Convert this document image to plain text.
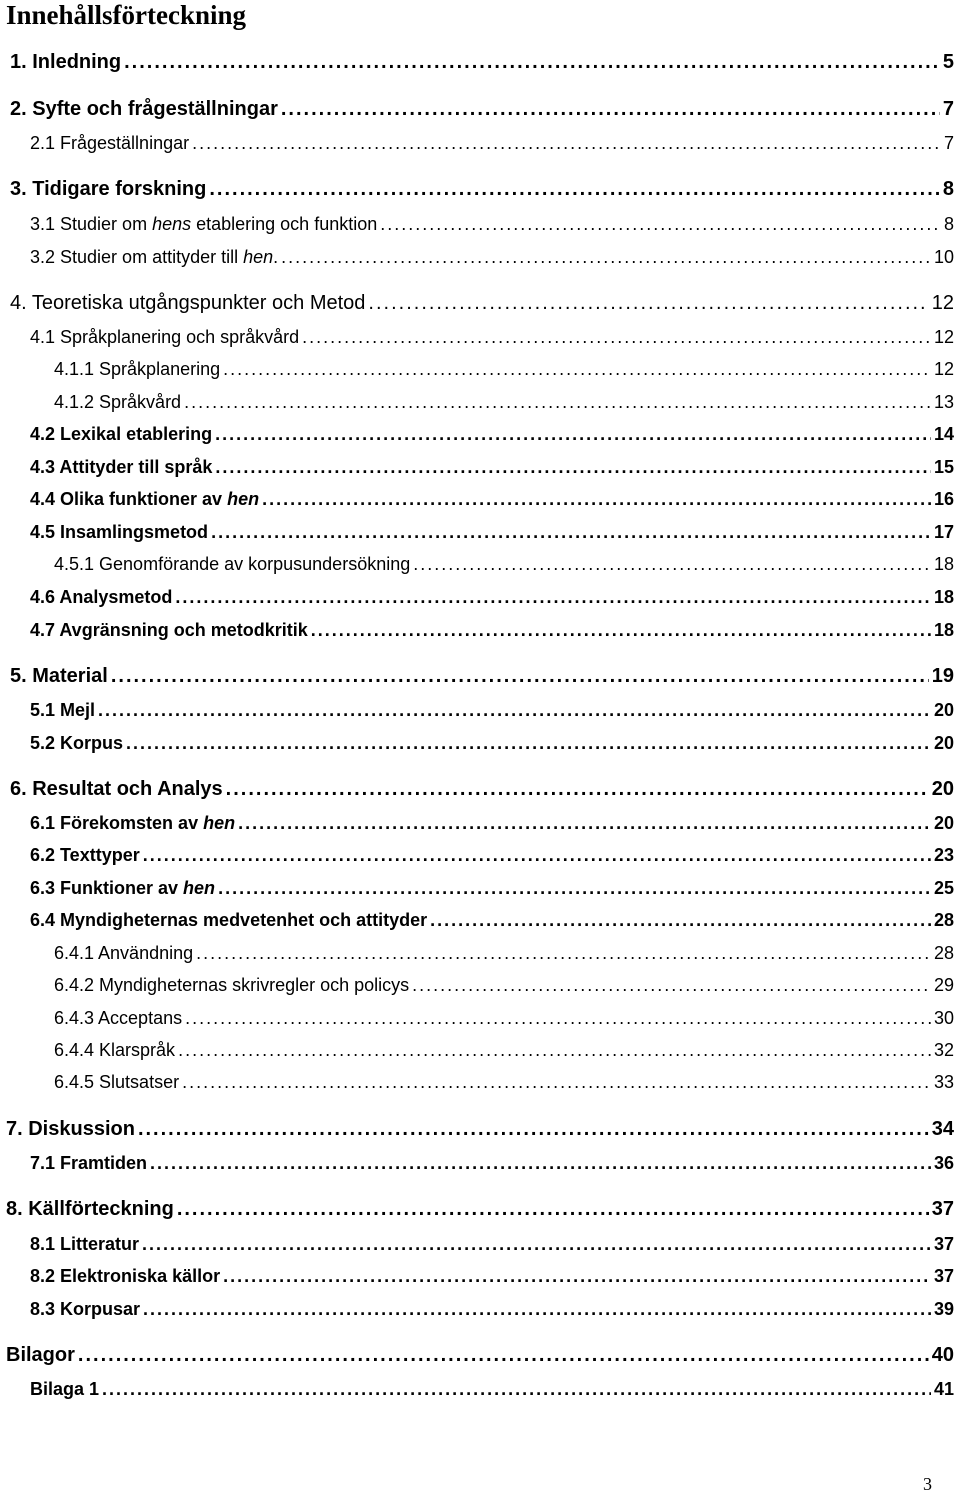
Innehållsförteckning
1. Inledning .....	5
2. Syfte och frågeställningar .....	7
2.1 Frågeställningar .....	7
3. Tidigare forskning .....	8
3.1 Studier om hens etablering och funktion .....	8
3.2 Studier om attityder till hen. .....	10
4. Teoretiska utgångspunkter och Metod .....	12
4.1 Språkplanering och språkvård .....	12
4.1.1 Språkplanering .....	12
4.1.2 Språkvård .....	13
4.2 Lexikal etablering .....	14
4.3 Attityder till språk .....	15
4.4 Olika funktioner av hen .....	16
4.5 Insamlingsmetod .....	17
4.5.1 Genomförande av korpusundersökning .....	18
4.6 Analysmetod .....	18
4.7 Avgränsning och metodkritik .....	18
5. Material .....	19
5.1 Mejl .....	20
5.2 Korpus .....	20
6. Resultat och Analys .....	20
6.1 Förekomsten av hen .....	20
6.2 Texttyper .....	23
6.3 Funktioner av hen .....	25
6.4 Myndigheternas medvetenhet och attityder .....	28
6.4.1 Användning .....	28
6.4.2 Myndigheternas skrivregler och policys .....	29
6.4.3 Acceptans .....	30
6.4.4 Klarspråk .....	32
6.4.5 Slutsatser .....	33
7. Diskussion .....	34
7.1 Framtiden .....	36
8. Källförteckning .....	37
8.1 Litteratur .....	37
8.2 Elektroniska källor .....	37
8.3 Korpusar .....	39
Bilagor .....	40
Bilaga 1 .....	41
3
